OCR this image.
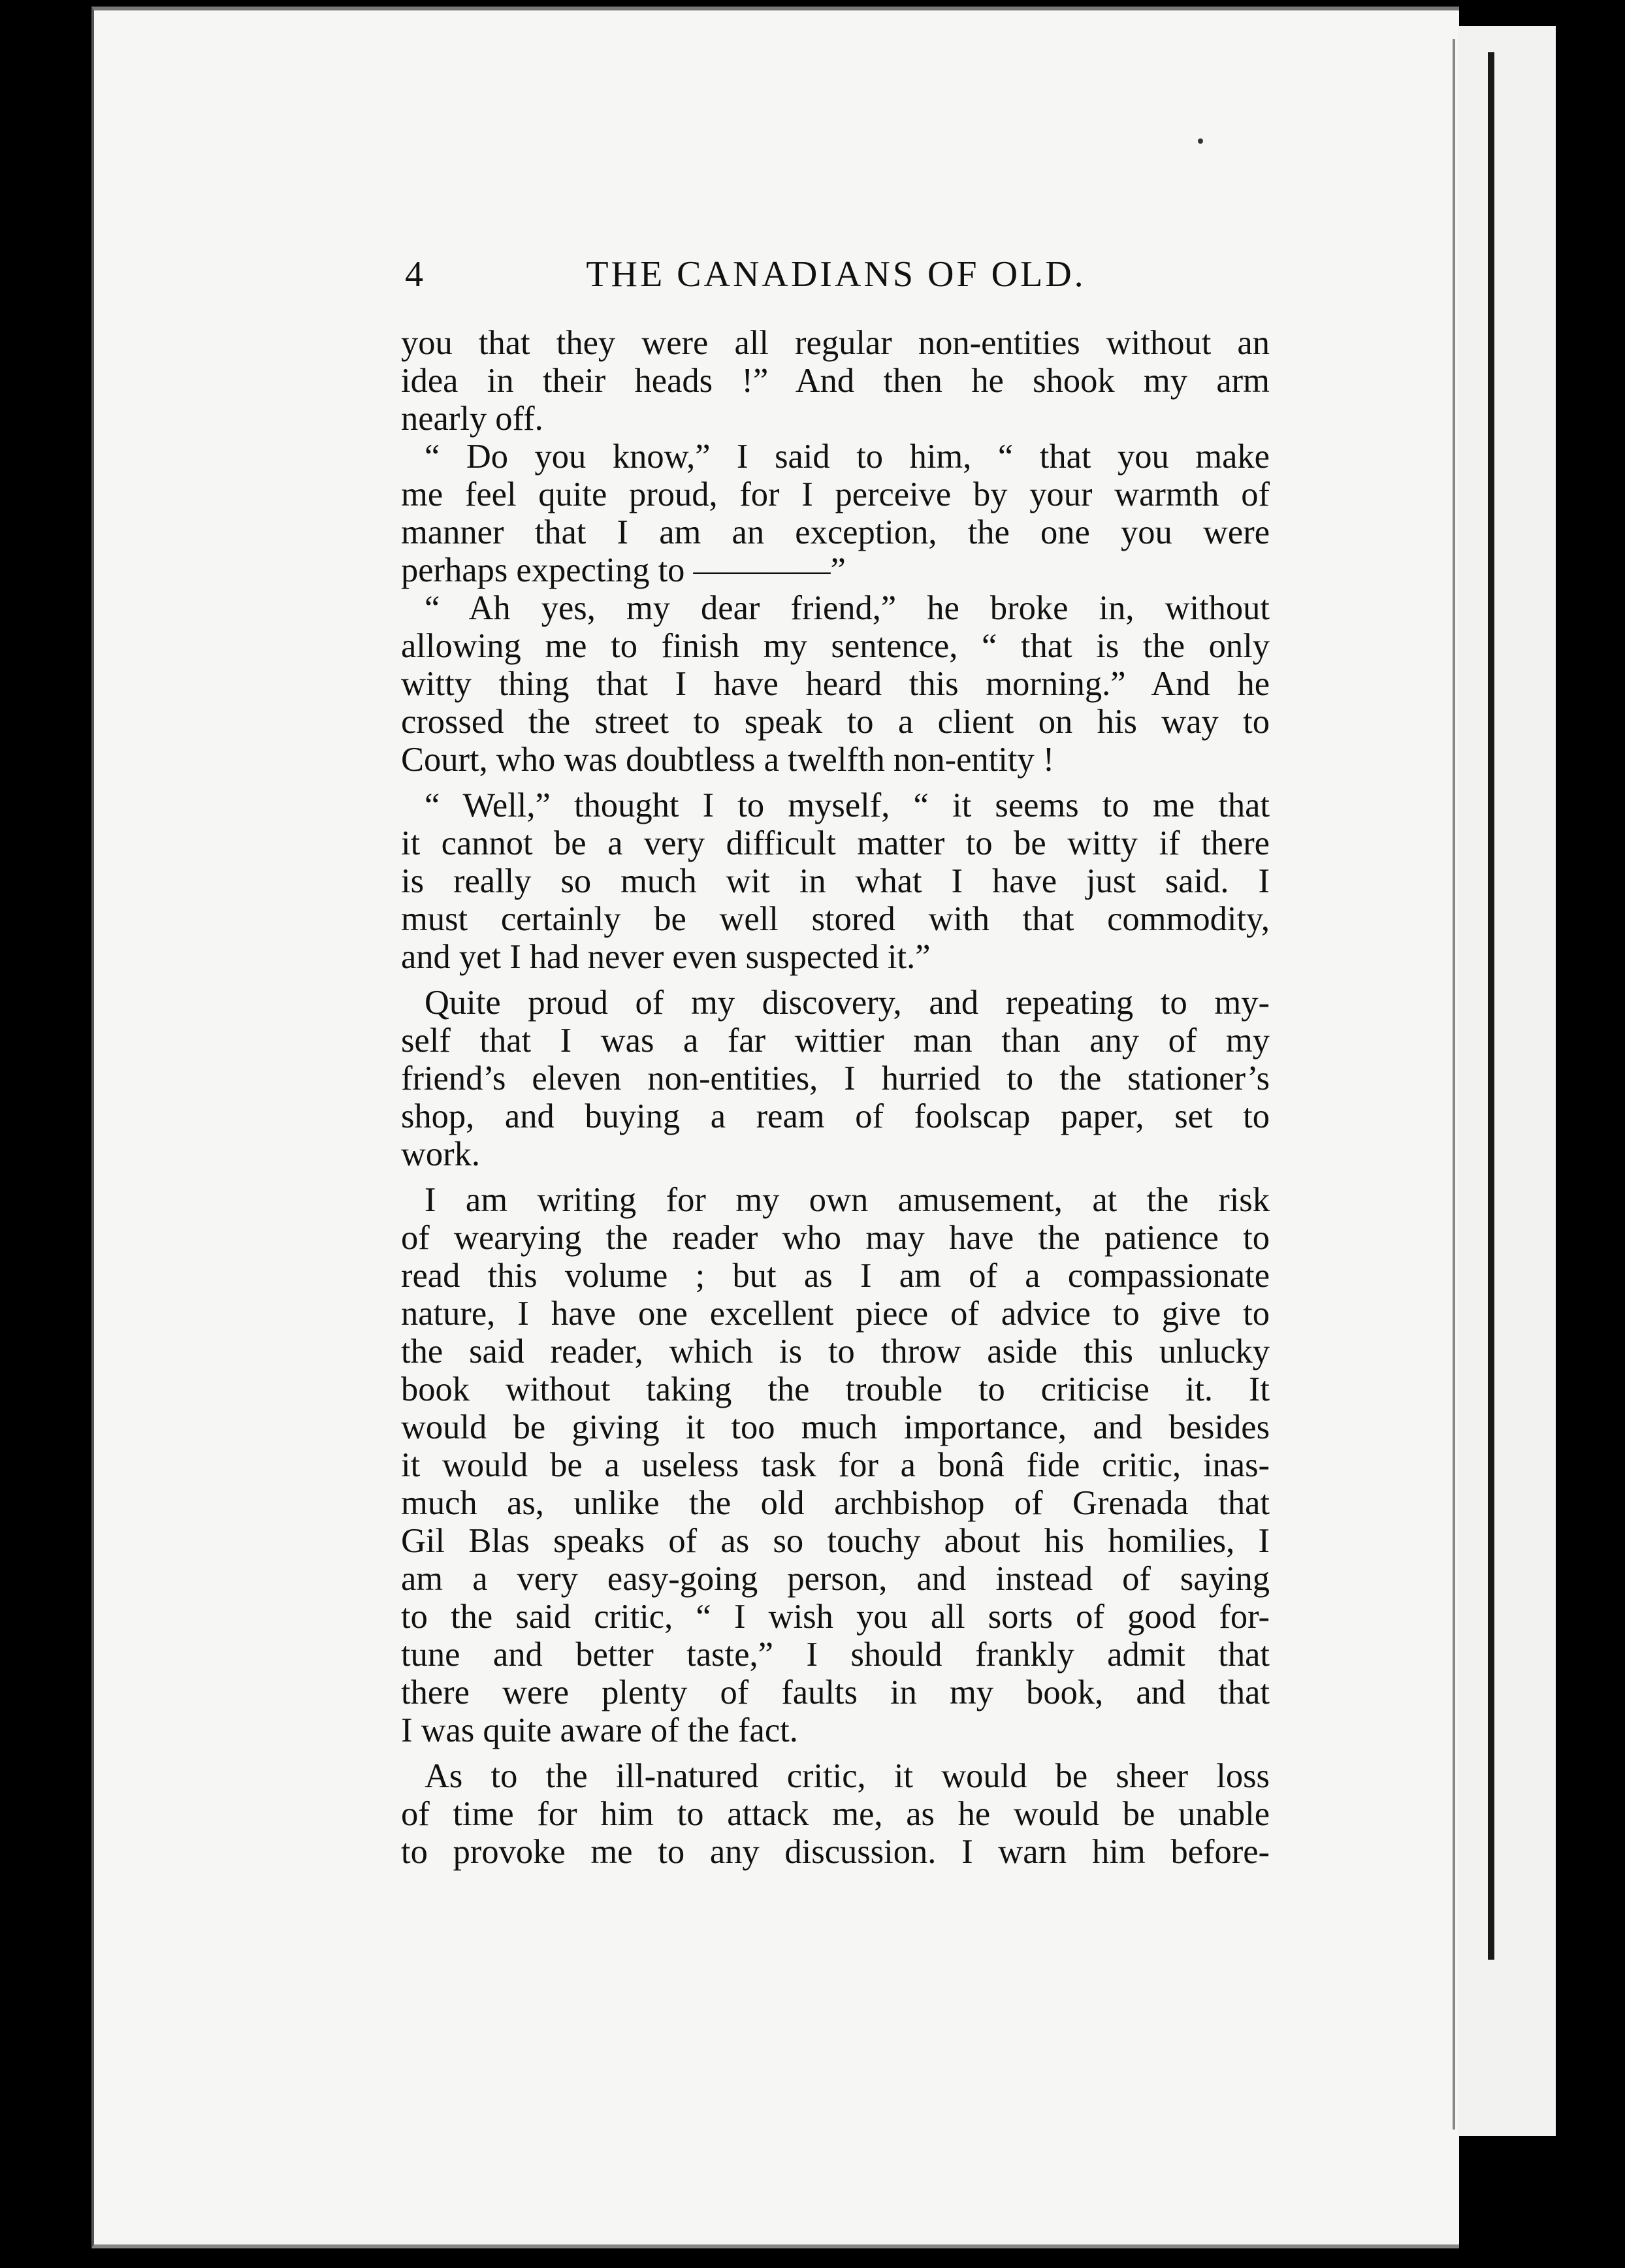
4	THE CANADIANS OF OLD.
you that they were all regular non-entities without an
idea in their heads !” And then he shook my arm
nearly off.
“ Do you know,” I said to him, “ that you make
me feel quite proud, for I perceive by your warmth of
manner that I am an exception, the one you were
perhaps expecting to ————”
“ Ah yes, my dear friend,” he broke in, without
allowing me to finish my sentence, “ that is the only
witty thing that I have heard this morning.” And he
crossed the street to speak to a client on his way to
Court, who was doubtless a twelfth non-entity !
“ Well,” thought I to myself, “ it seems to me that
it cannot be a very difficult matter to be witty if there
is really so much wit in what I have just said. I
must certainly be well stored with that commodity,
and yet I had never even suspected it.”
Quite proud of my discovery, and repeating to my-
self that I was a far wittier man than any of my
friend’s eleven non-entities, I hurried to the stationer’s
shop, and buying a ream of foolscap paper, set to
work.
I am writing for my own amusement, at the risk
of wearying the reader who may have the patience to
read this volume ; but as I am of a compassionate
nature, I have one excellent piece of advice to give to
the said reader, which is to throw aside this unlucky
book without taking the trouble to criticise it. It
would be giving it too much importance, and besides
it would be a useless task for a bonâ fide critic, inas-
much as, unlike the old archbishop of Grenada that
Gil Blas speaks of as so touchy about his homilies, I
am a very easy-going person, and instead of saying
to the said critic, “ I wish you all sorts of good for-
tune and better taste,” I should frankly admit that
there were plenty of faults in my book, and that
I was quite aware of the fact.
As to the ill-natured critic, it would be sheer loss
of time for him to attack me, as he would be unable
to provoke me to any discussion. I warn him before-
